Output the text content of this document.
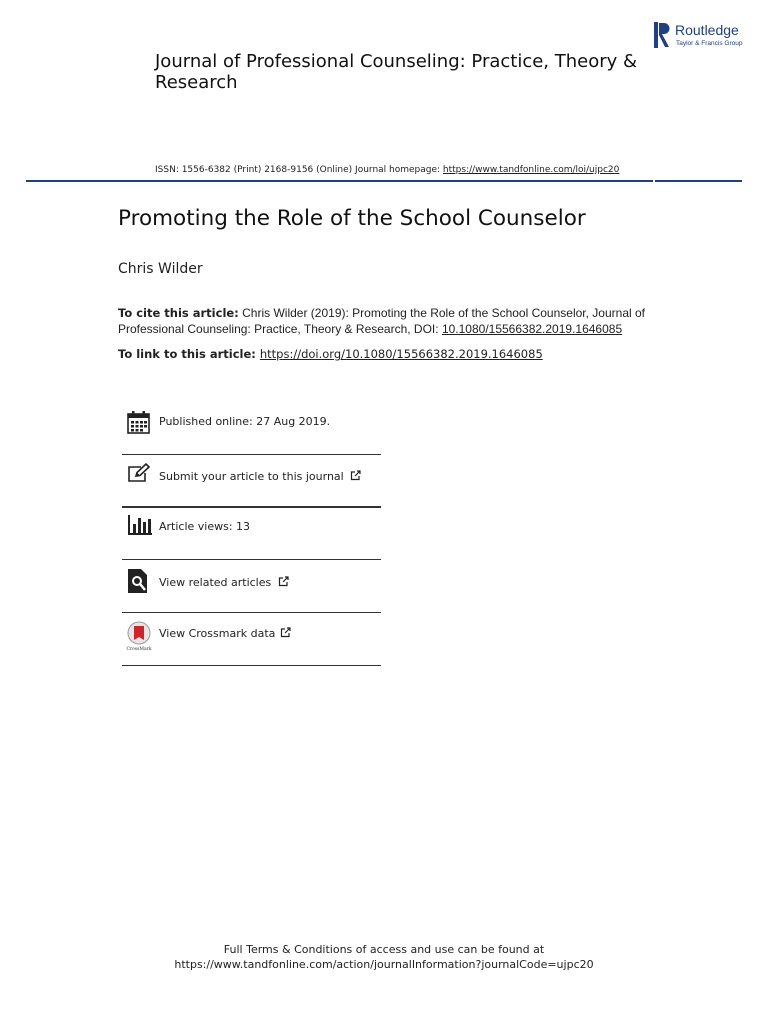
Journal of Professional Counseling: Practice, Theory & Research
Routledge
Taylor & Francis Group
ISSN: 1556-6382 (Print) 2168-9156 (Online) Journal homepage: https://www.tandfonline.com/loi/ujpc20
Promoting the Role of the School Counselor
Chris Wilder
To cite this article: Chris Wilder (2019): Promoting the Role of the School Counselor, Journal of Professional Counseling: Practice, Theory & Research, DOI: 10.1080/15566382.2019.1646085
To link to this article: https://doi.org/10.1080/15566382.2019.1646085
Published online: 27 Aug 2019.
Submit your article to this journal
Article views: 13
View related articles
CrossMark
View Crossmark data
Full Terms & Conditions of access and use can be found at
https://www.tandfonline.com/action/journalInformation?journalCode=ujpc20
